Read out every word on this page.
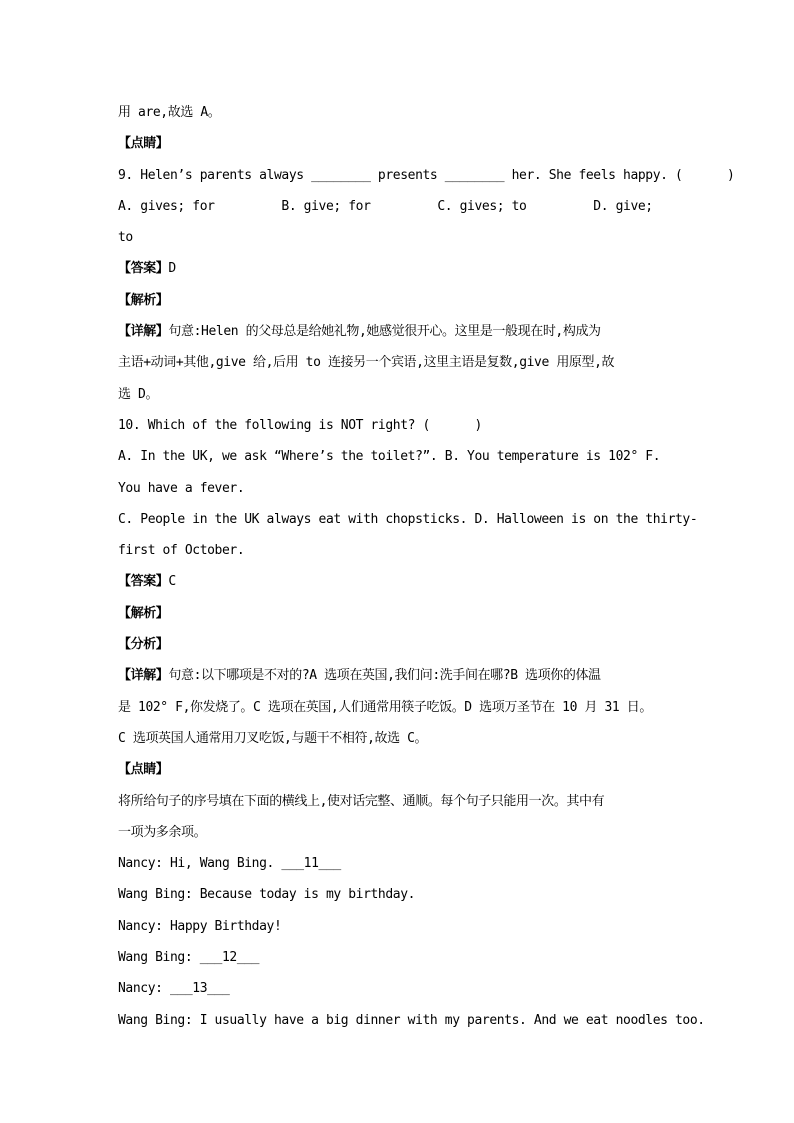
用 are,故选 A。

【点睛】

9. Helen’s parents always ________ presents ________ her. She feels happy. (      )

A. gives; for         B. give; for         C. gives; to         D. give;

to

【答案】D

【解析】

【详解】句意:Helen 的父母总是给她礼物,她感觉很开心。这里是一般现在时,构成为

主语+动词+其他,give 给,后用 to 连接另一个宾语,这里主语是复数,give 用原型,故

选 D。

10. Which of the following is NOT right? (      )

A. In the UK, we ask “Where’s the toilet?”. B. You temperature is 102° F.

You have a fever.

C. People in the UK always eat with chopsticks. D. Halloween is on the thirty-

first of October.

【答案】C

【解析】

【分析】

【详解】句意:以下哪项是不对的?A 选项在英国,我们问:洗手间在哪?B 选项你的体温

是 102° F,你发烧了。C 选项在英国,人们通常用筷子吃饭。D 选项万圣节在 10 月 31 日。

C 选项英国人通常用刀叉吃饭,与题干不相符,故选 C。

【点睛】

将所给句子的序号填在下面的横线上,使对话完整、通顺。每个句子只能用一次。其中有

一项为多余项。

Nancy: Hi, Wang Bing. ___11___

Wang Bing: Because today is my birthday.

Nancy: Happy Birthday!

Wang Bing: ___12___

Nancy: ___13___

Wang Bing: I usually have a big dinner with my parents. And we eat noodles too.
